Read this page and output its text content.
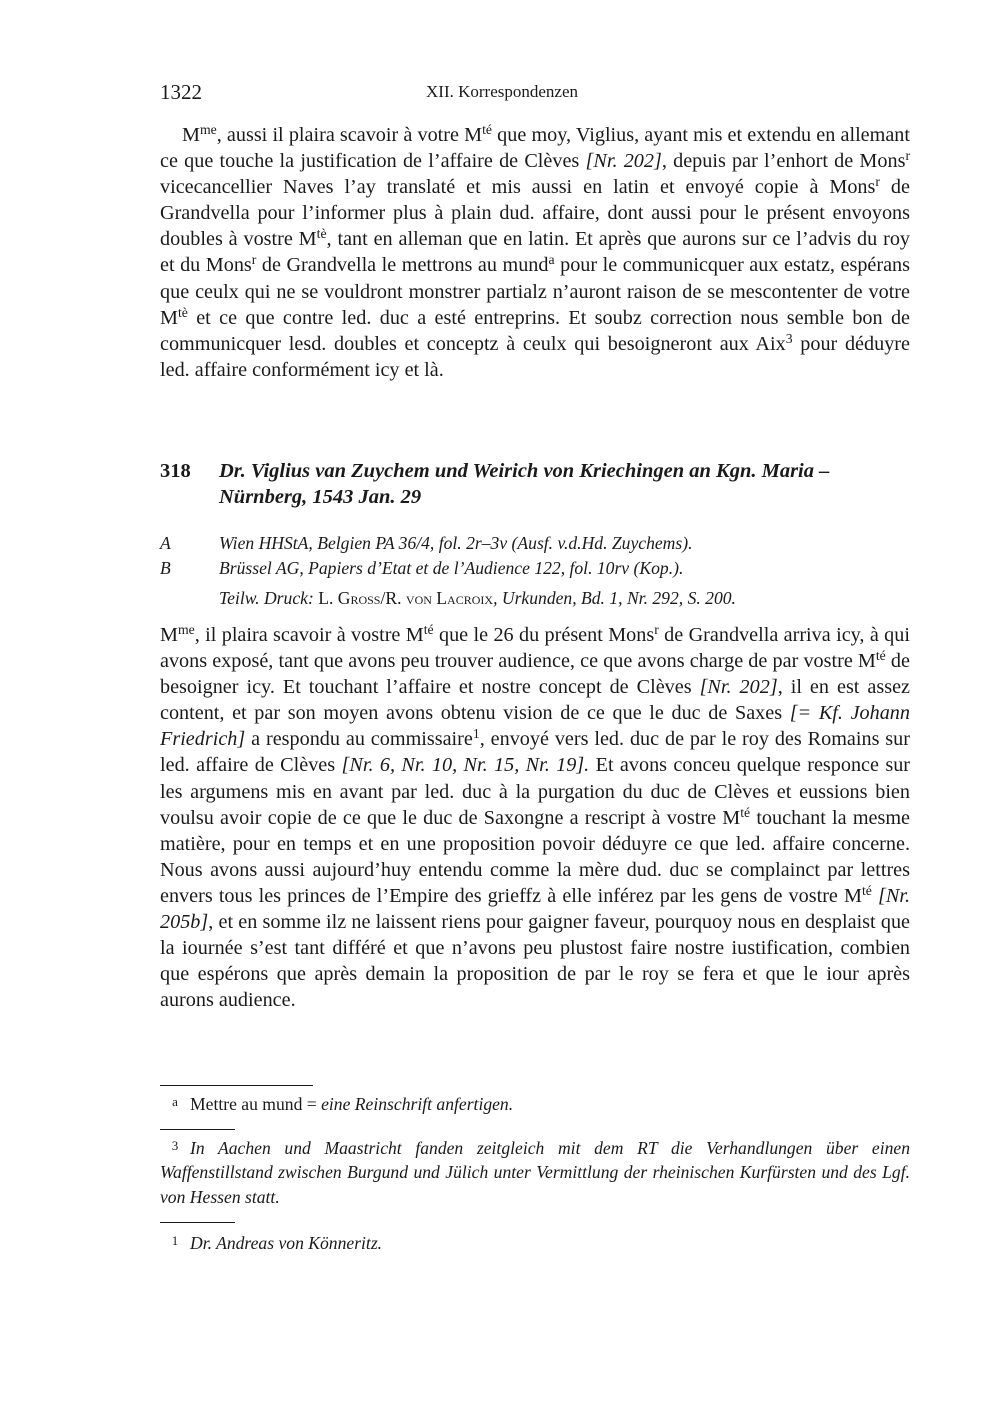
1322	XII. Korrespondenzen

$M^{me}$, aussi il plaira scavoir à votre $M^{té}$ que moy, Viglius, ayant mis et extendu en allemant ce que touche la justification de l’affaire de Clèves [Nr. 202], depuis par l’enhort de Mons$^r$ vicecancellier Naves l’ay translaté et mis aussi en latin et envoyé copie à Mons$^r$ de Grandvella pour l’informer plus à plain dud. affaire, dont aussi pour le présent envoyons doubles à vostre $M^{tè}$, tant en alleman que en latin. Et après que aurons sur ce l’advis du roy et du Mons$^r$ de Grandvella le mettrons au mund$^a$ pour le communicquer aux estatz, espérans que ceulx qui ne se vouldront monstrer partialz n’auront raison de se mescontenter de votre $M^{tè}$ et ce que contre led. duc a esté entreprins. Et soubz correction nous semble bon de communicquer lesd. doubles et conceptz à ceulx qui besoigneront aux Aix$^3$ pour déduyre led. affaire conformément icy et là.

318 Dr. Viglius van Zuychem und Weirich von Kriechingen an Kgn. Maria – Nürnberg, 1543 Jan. 29
A	Wien HHStA, Belgien PA 36/4, fol. 2r–3v (Ausf. v.d.Hd. Zuychems).
B	Brüssel AG, Papiers d’Etat et de l’Audience 122, fol. 10rv (Kop.).
Teilw. Druck: L. Groß/R. von Lacroix, Urkunden, Bd. 1, Nr. 292, S. 200.

$M^{me}$, il plaira scavoir à vostre $M^{té}$ que le 26 du présent Mons$^r$ de Grandvella arriva icy, à qui avons exposé, tant que avons peu trouver audience, ce que avons charge de par vostre $M^{té}$ de besoigner icy. Et touchant l’affaire et nostre concept de Clèves [Nr. 202], il en est assez content, et par son moyen avons obtenu vision de ce que le duc de Saxes [= Kf. Johann Friedrich] a respondu au commissaire$^1$, envoyé vers led. duc de par le roy des Romains sur led. affaire de Clèves [Nr. 6, Nr. 10, Nr. 15, Nr. 19]. Et avons conceu quelque responce sur les argumens mis en avant par led. duc à la purgation du duc de Clèves et eussions bien voulsu avoir copie de ce que le duc de Saxongne a rescript à vostre $M^{té}$ touchant la mesme matière, pour en temps et en une proposition povoir déduyre ce que led. affaire concerne. Nous avons aussi aujourd’huy entendu comme la mère dud. duc se complainct par lettres envers tous les princes de l’Empire des grieffz à elle inférez par les gens de vostre $M^{té}$ [Nr. 205b], et en somme ilz ne laissent riens pour gaigner faveur, pourquoy nous en desplaist que la iournée s’est tant différé et que n’avons peu plustost faire nostre iustification, combien que espérons que après demain la proposition de par le roy se fera et que le iour après aurons audience.

a Mettre au mund = eine Reinschrift anfertigen.
3 In Aachen und Maastricht fanden zeitgleich mit dem RT die Verhandlungen über einen Waffenstillstand zwischen Burgund und Jülich unter Vermittlung der rheinischen Kurfürsten und des Lgf. von Hessen statt.
1 Dr. Andreas von Könneritz.
